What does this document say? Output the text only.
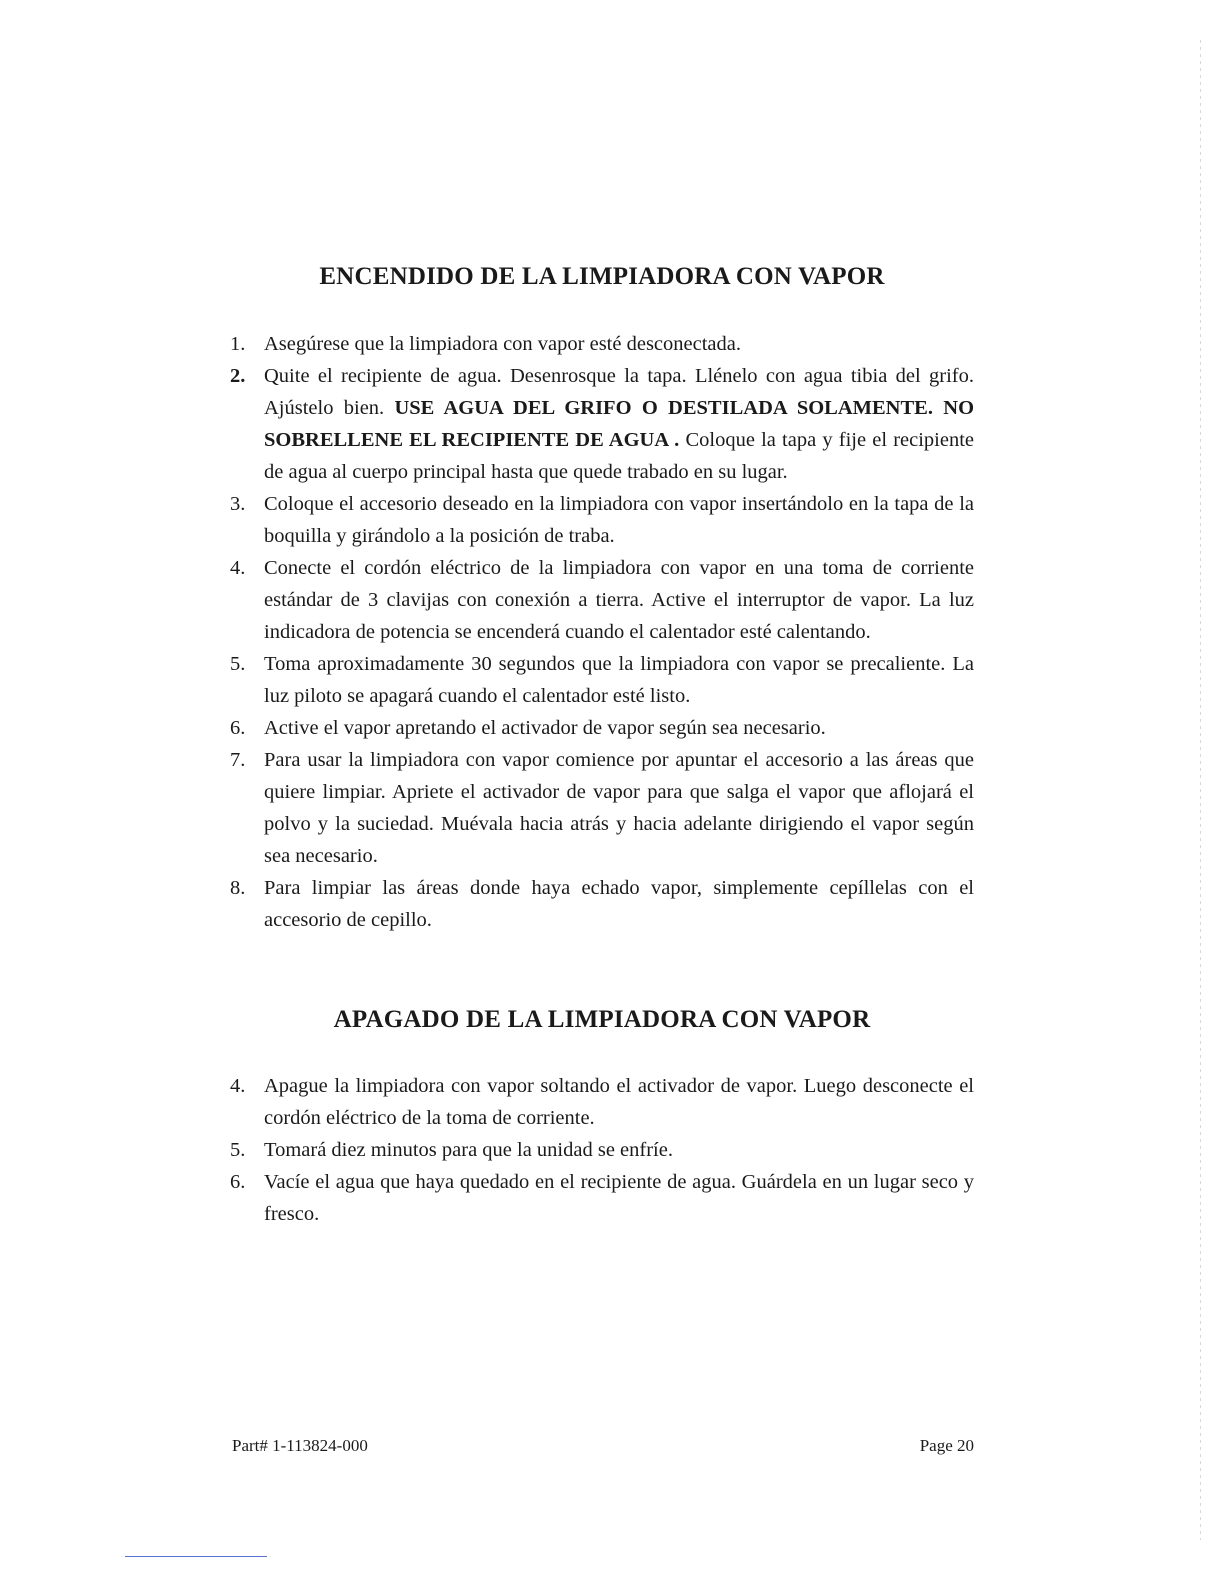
ENCENDIDO DE LA LIMPIADORA CON VAPOR
1. Asegúrese que la limpiadora con vapor esté desconectada.
2. Quite el recipiente de agua. Desenrosque la tapa. Llénelo con agua tibia del grifo. Ajústelo bien. USE AGUA DEL GRIFO O DESTILADA SOLAMENTE. NO SOBRELLENE EL RECIPIENTE DE AGUA . Coloque la tapa y fije el recipiente de agua al cuerpo principal hasta que quede trabado en su lugar.
3. Coloque el accesorio deseado en la limpiadora con vapor insertándolo en la tapa de la boquilla y girándolo a la posición de traba.
4. Conecte el cordón eléctrico de la limpiadora con vapor en una toma de corriente estándar de 3 clavijas con conexión a tierra. Active el interruptor de vapor. La luz indicadora de potencia se encenderá cuando el calentador esté calentando.
5. Toma aproximadamente 30 segundos que la limpiadora con vapor se precaliente. La luz piloto se apagará cuando el calentador esté listo.
6. Active el vapor apretando el activador de vapor según sea necesario.
7. Para usar la limpiadora con vapor comience por apuntar el accesorio a las áreas que quiere limpiar. Apriete el activador de vapor para que salga el vapor que aflojará el polvo y la suciedad. Muévala hacia atrás y hacia adelante dirigiendo el vapor según sea necesario.
8. Para limpiar las áreas donde haya echado vapor, simplemente cepíllelas con el accesorio de cepillo.
APAGADO DE LA LIMPIADORA CON VAPOR
4. Apague la limpiadora con vapor soltando el activador de vapor. Luego desconecte el cordón eléctrico de la toma de corriente.
5. Tomará diez minutos para que la unidad se enfríe.
6. Vacíe el agua que haya quedado en el recipiente de agua. Guárdela en un lugar seco y fresco.
Part# 1-113824-000	Page 20
